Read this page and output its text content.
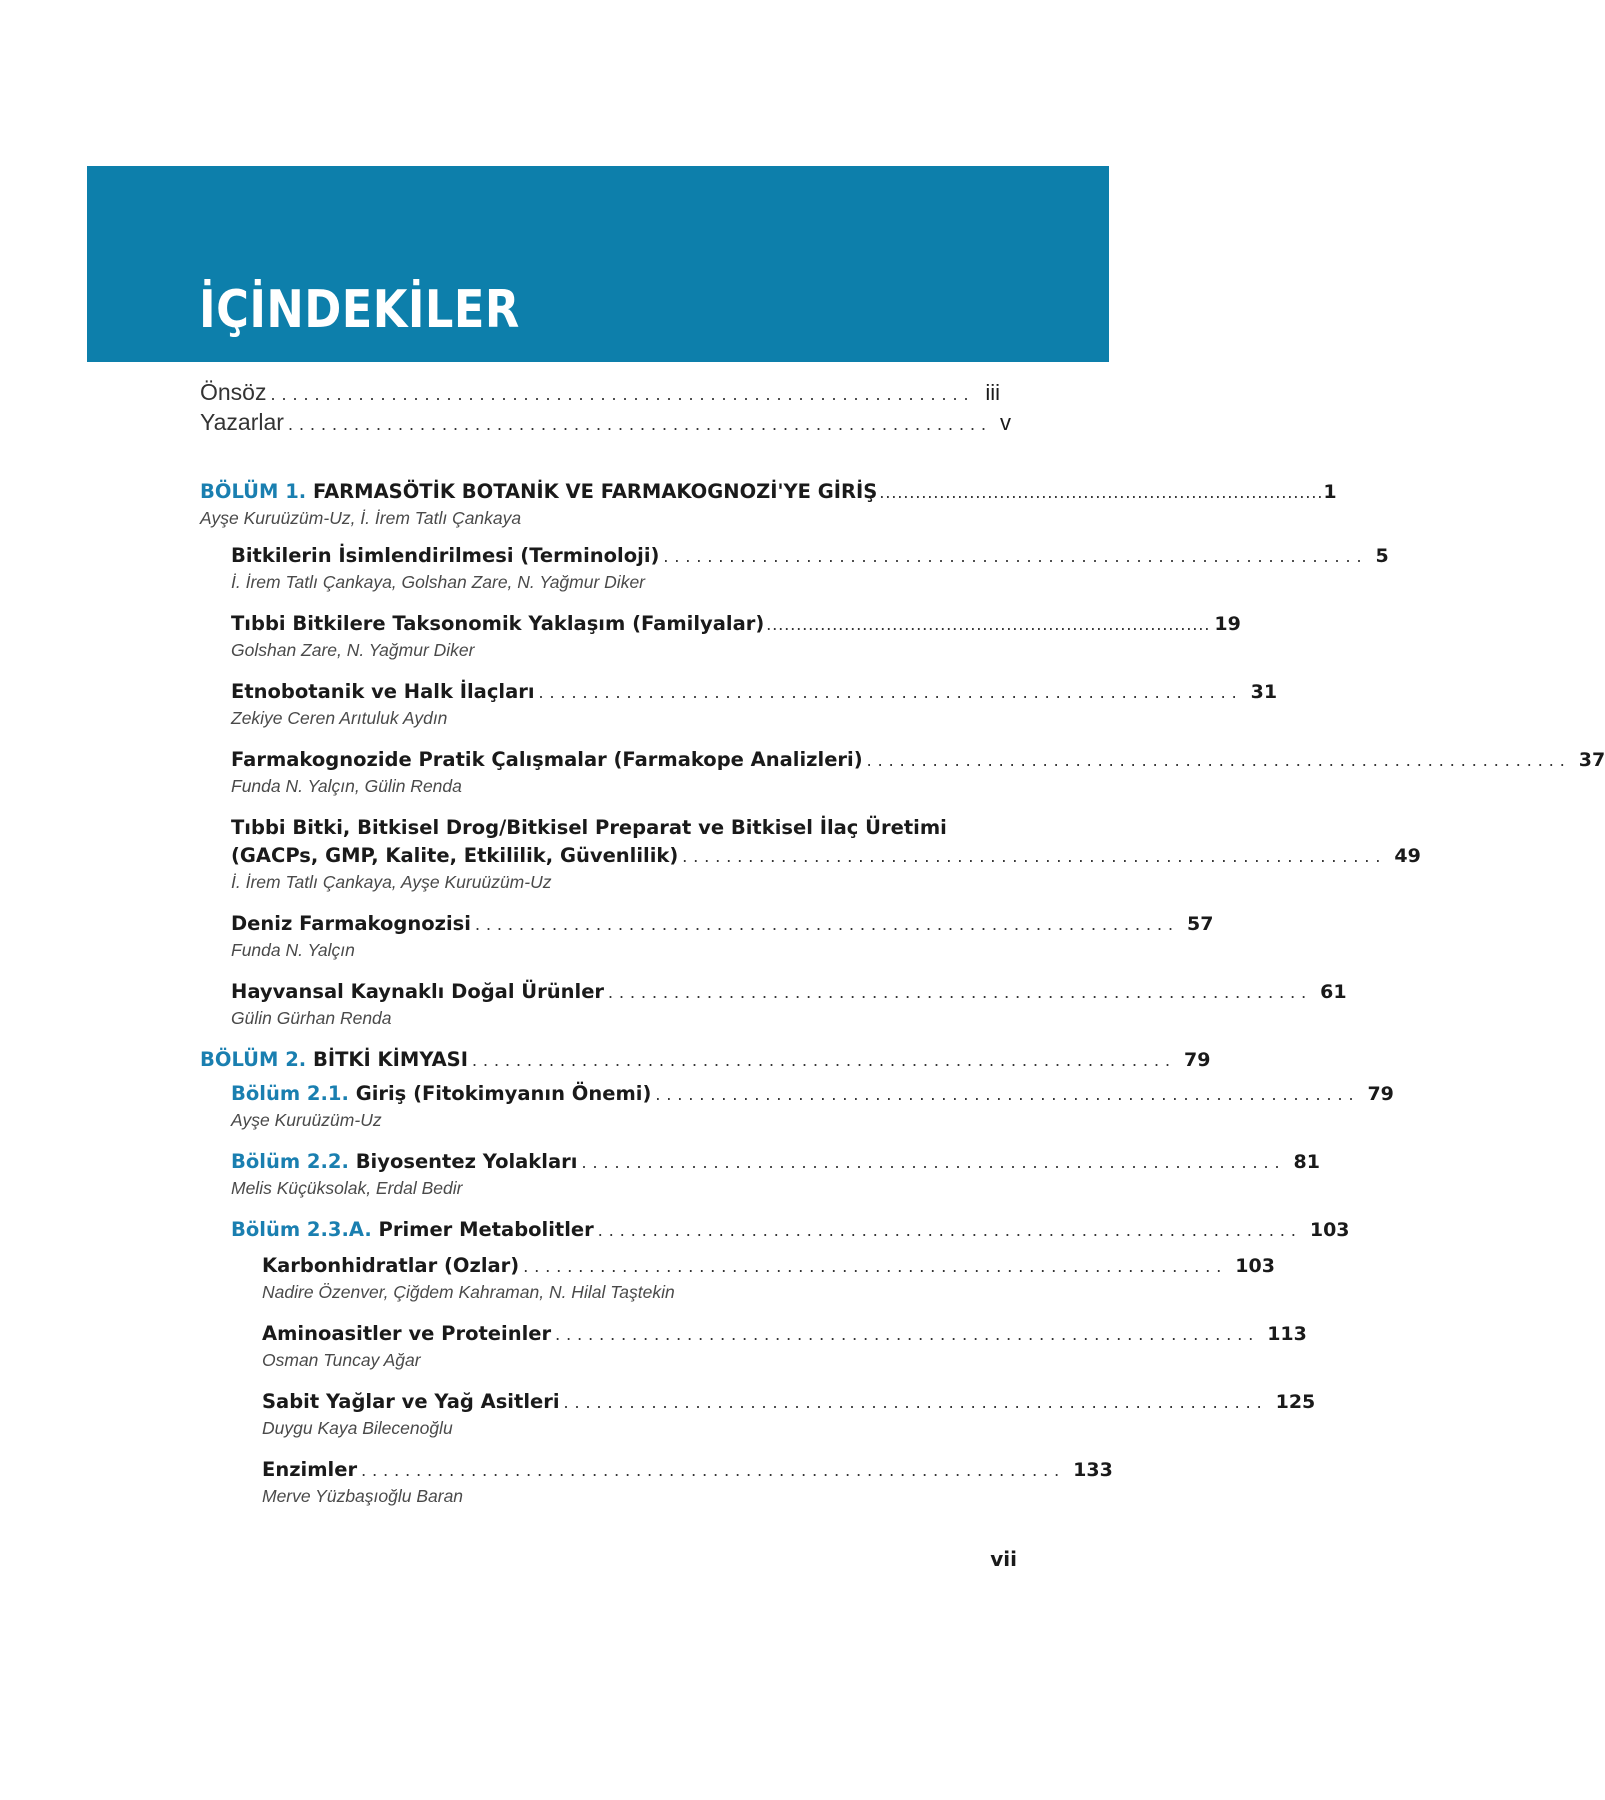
İÇİNDEKİLER
Önsöz ................................................................ iii
Yazarlar ................................................................ v
BÖLÜM 1. FARMASÖTİK BOTANİK VE FARMAKOGNOZİ'YE GİRİŞ .......................................................................... 1
Ayşe Kuruüzüm-Uz, İ. İrem Tatlı Çankaya
Bitkilerin İsimlendirilmesi (Terminoloji) ................................................................ 5
İ. İrem Tatlı Çankaya, Golshan Zare, N. Yağmur Diker
Tıbbi Bitkilere Taksonomik Yaklaşım (Familyalar) .......................................................................... 19
Golshan Zare, N. Yağmur Diker
Etnobotanik ve Halk İlaçları ................................................................ 31
Zekiye Ceren Arıtuluk Aydın
Farmakognozide Pratik Çalışmalar (Farmakope Analizleri) ................................................................ 37
Funda N. Yalçın, Gülin Renda
Tıbbi Bitki, Bitkisel Drog/Bitkisel Preparat ve Bitkisel İlaç Üretimi
(GACPs, GMP, Kalite, Etkililik, Güvenlilik) ................................................................ 49
İ. İrem Tatlı Çankaya, Ayşe Kuruüzüm-Uz
Deniz Farmakognozisi ................................................................ 57
Funda N. Yalçın
Hayvansal Kaynaklı Doğal Ürünler ................................................................ 61
Gülin Gürhan Renda
BÖLÜM 2. BİTKİ KİMYASI ................................................................ 79
Bölüm 2.1. Giriş (Fitokimyanın Önemi) ................................................................ 79
Ayşe Kuruüzüm-Uz
Bölüm 2.2. Biyosentez Yolakları ................................................................ 81
Melis Küçüksolak, Erdal Bedir
Bölüm 2.3.A. Primer Metabolitler ................................................................ 103
Karbonhidratlar (Ozlar) ................................................................ 103
Nadire Özenver, Çiğdem Kahraman, N. Hilal Taştekin
Aminoasitler ve Proteinler ................................................................ 113
Osman Tuncay Ağar
Sabit Yağlar ve Yağ Asitleri ................................................................ 125
Duygu Kaya Bilecenoğlu
Enzimler ................................................................ 133
Merve Yüzbaşıoğlu Baran
vii
